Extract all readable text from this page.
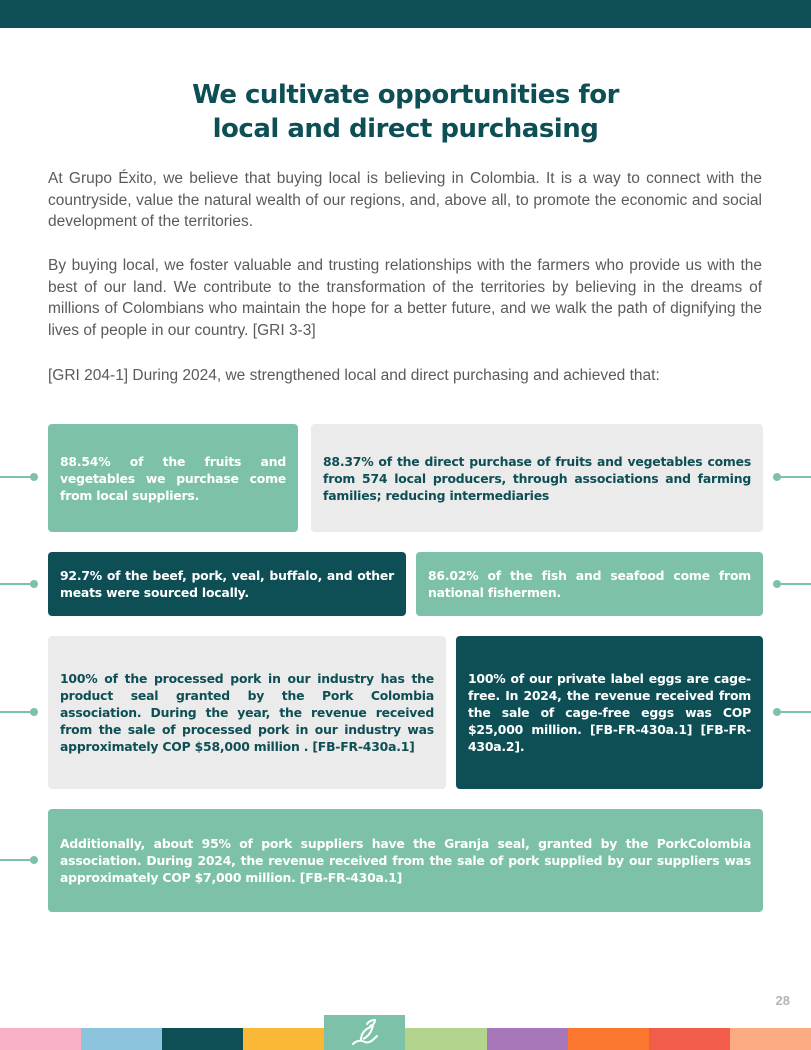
We cultivate opportunities for
local and direct purchasing

At Grupo Éxito, we believe that buying local is believing in Colombia. It is a way to connect with the countryside, value the natural wealth of our regions, and, above all, to promote the economic and social development of the territories.

By buying local, we foster valuable and trusting relationships with the farmers who provide us with the best of our land. We contribute to the transformation of the territories by believing in the dreams of millions of Colombians who maintain the hope for a better future, and we walk the path of dignifying the lives of people in our country. [GRI 3-3]

[GRI 204-1] During 2024, we strengthened local and direct purchasing and achieved that:

88.54% of the fruits and vegetables we purchase come from local suppliers.

88.37% of the direct purchase of fruits and vegetables comes from 574 local producers, through associations and farming families; reducing intermediaries

92.7% of the beef, pork, veal, buffalo, and other meats were sourced locally.

86.02% of the fish and seafood come from national fishermen.

100% of the processed pork in our industry has the product seal granted by the Pork Colombia association. During the year, the revenue received from the sale of processed pork in our industry was approximately COP $58,000 million . [FB-FR-430a.1]

100% of our private label eggs are cage-free. In 2024, the revenue received from the sale of cage-free eggs was COP $25,000 million. [FB-FR-430a.1] [FB-FR-430a.2].

Additionally, about 95% of pork suppliers have the Granja seal, granted by the PorkColombia association. During 2024, the revenue received from the sale of pork supplied by our suppliers was approximately COP $7,000 million. [FB-FR-430a.1]

28
